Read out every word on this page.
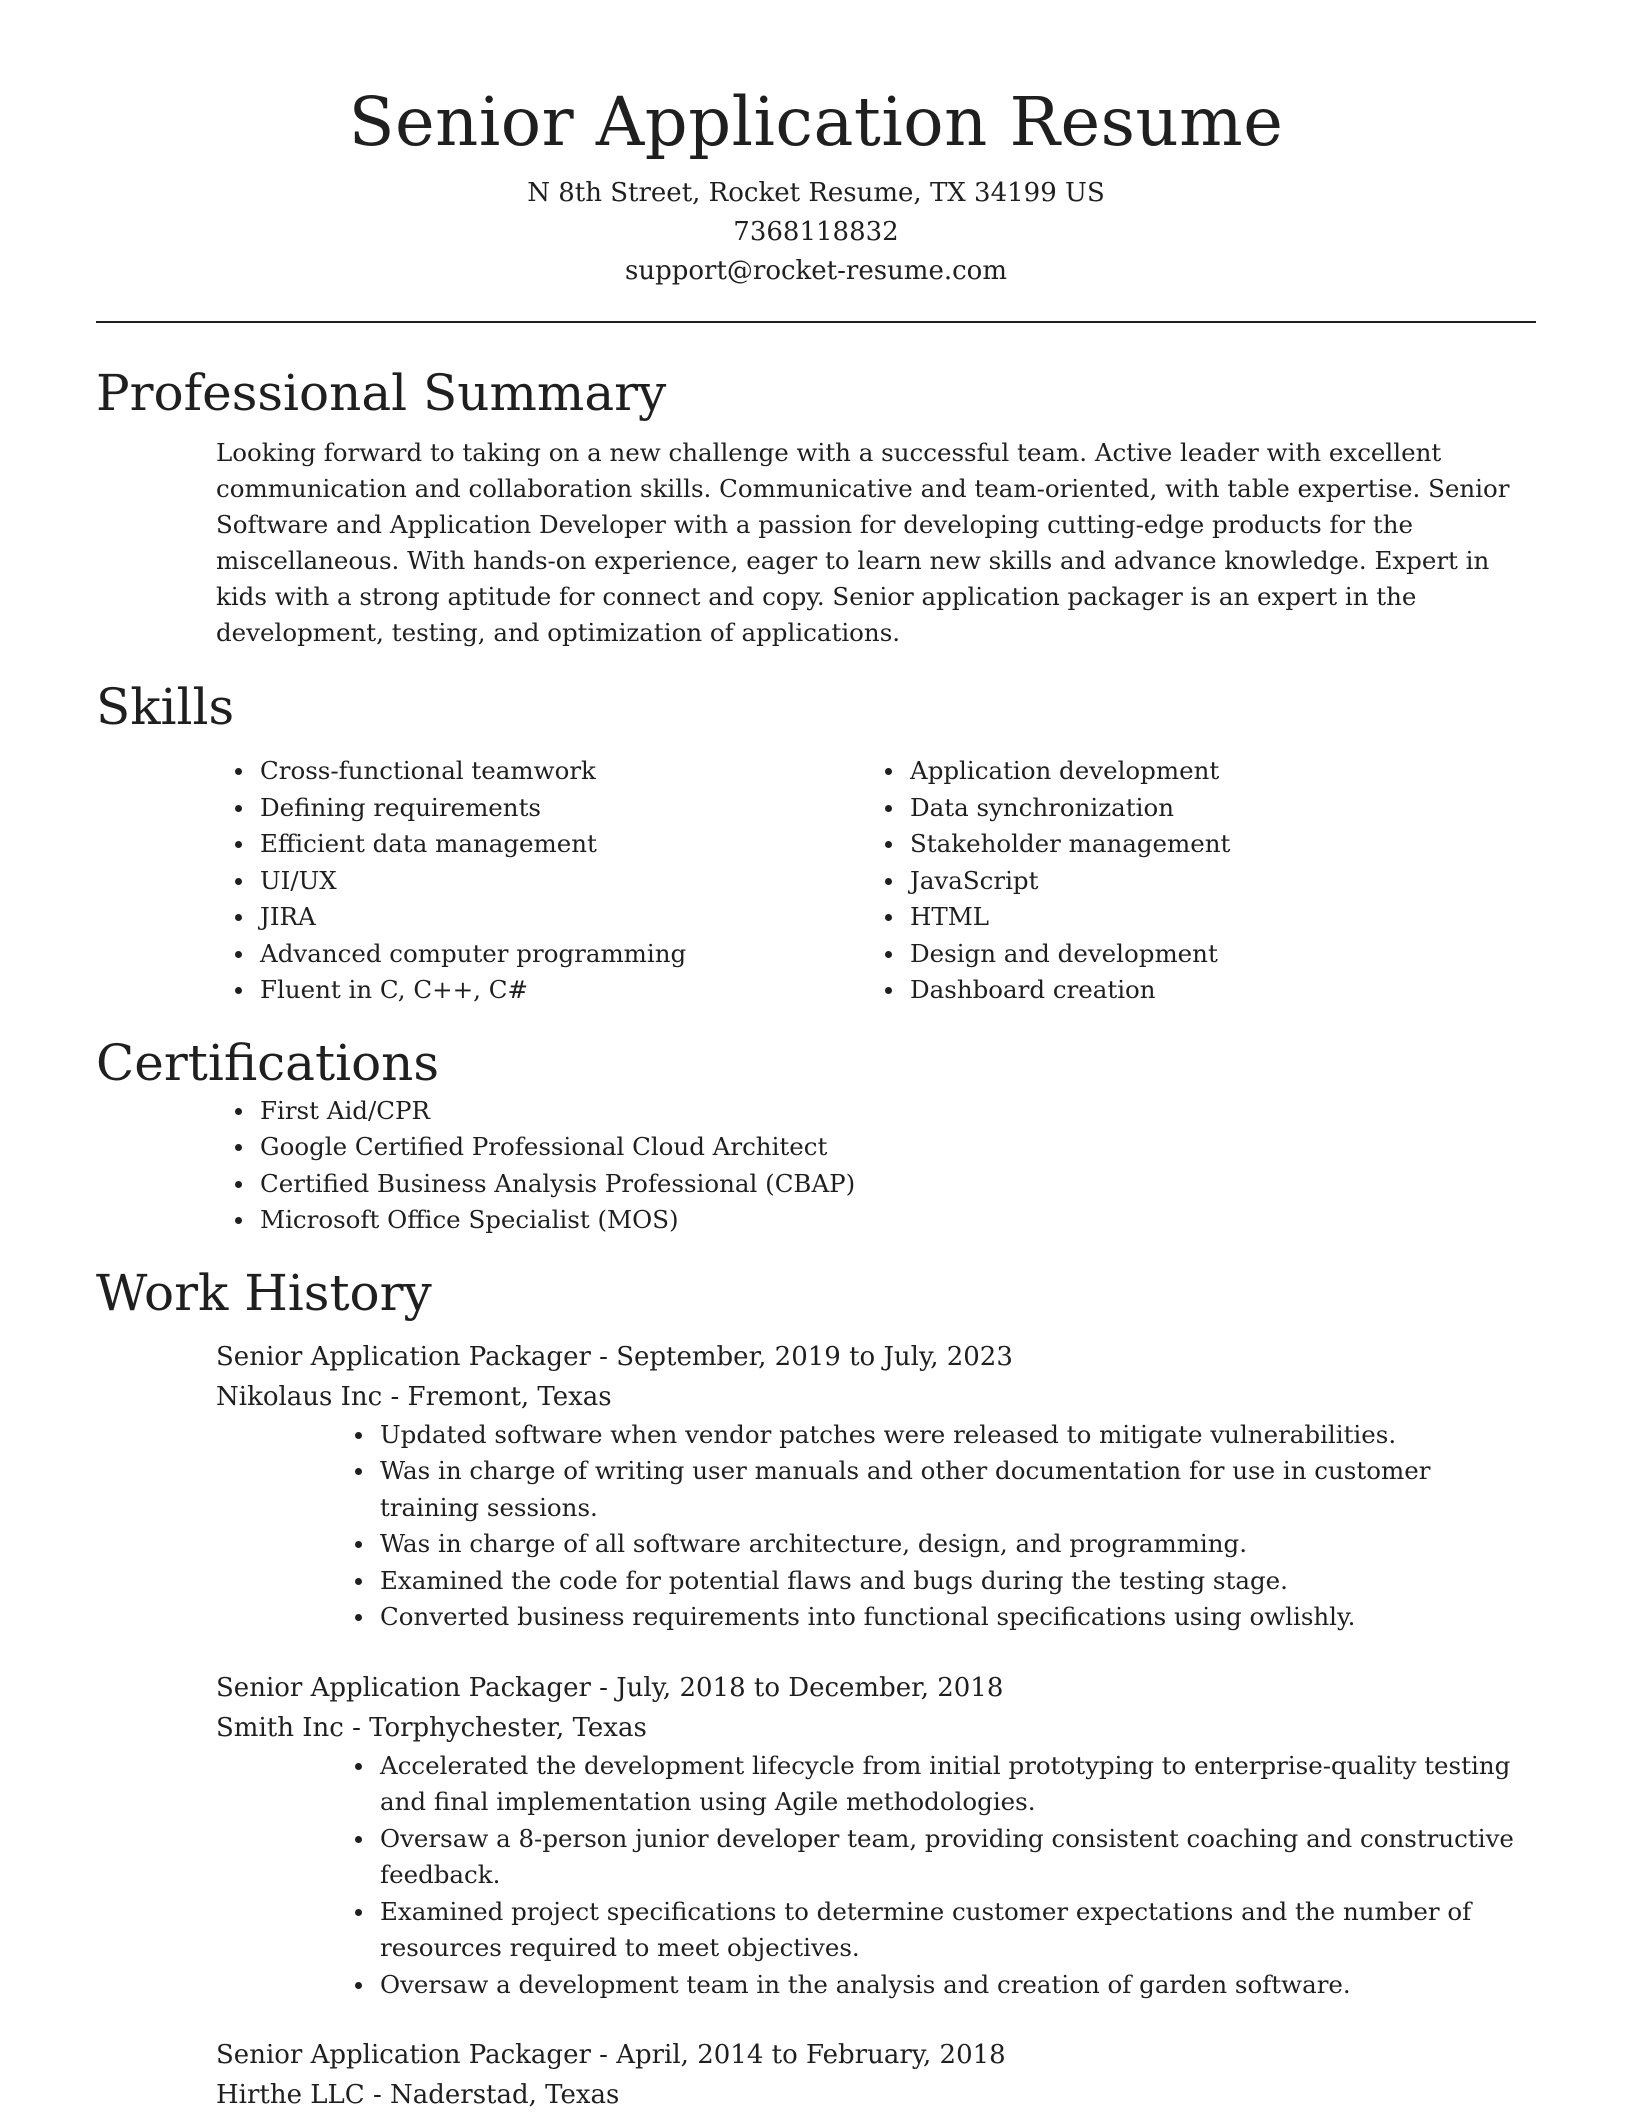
Senior Application Resume
N 8th Street, Rocket Resume, TX 34199 US
7368118832
support@rocket-resume.com
Professional Summary

Looking forward to taking on a new challenge with a successful team. Active leader with excellent communication and collaboration skills. Communicative and team-oriented, with table expertise. Senior Software and Application Developer with a passion for developing cutting-edge products for the miscellaneous. With hands-on experience, eager to learn new skills and advance knowledge. Expert in kids with a strong aptitude for connect and copy. Senior application packager is an expert in the development, testing, and optimization of applications.

Skills
Cross-functional teamwork
Defining requirements
Efficient data management
UI/UX
JIRA
Advanced computer programming
Fluent in C, C++, C#
Application development
Data synchronization
Stakeholder management
JavaScript
HTML
Design and development
Dashboard creation
Certifications
First Aid/CPR
Google Certified Professional Cloud Architect
Certified Business Analysis Professional (CBAP)
Microsoft Office Specialist (MOS)
Work History
Senior Application Packager - September, 2019 to July, 2023
Nikolaus Inc - Fremont, Texas
Updated software when vendor patches were released to mitigate vulnerabilities.
Was in charge of writing user manuals and other documentation for use in customer training sessions.
Was in charge of all software architecture, design, and programming.
Examined the code for potential flaws and bugs during the testing stage.
Converted business requirements into functional specifications using owlishly.
Senior Application Packager - July, 2018 to December, 2018
Smith Inc - Torphychester, Texas
Accelerated the development lifecycle from initial prototyping to enterprise-quality testing and final implementation using Agile methodologies.
Oversaw a 8-person junior developer team, providing consistent coaching and constructive feedback.
Examined project specifications to determine customer expectations and the number of resources required to meet objectives.
Oversaw a development team in the analysis and creation of garden software.
Senior Application Packager - April, 2014 to February, 2018
Hirthe LLC - Naderstad, Texas
